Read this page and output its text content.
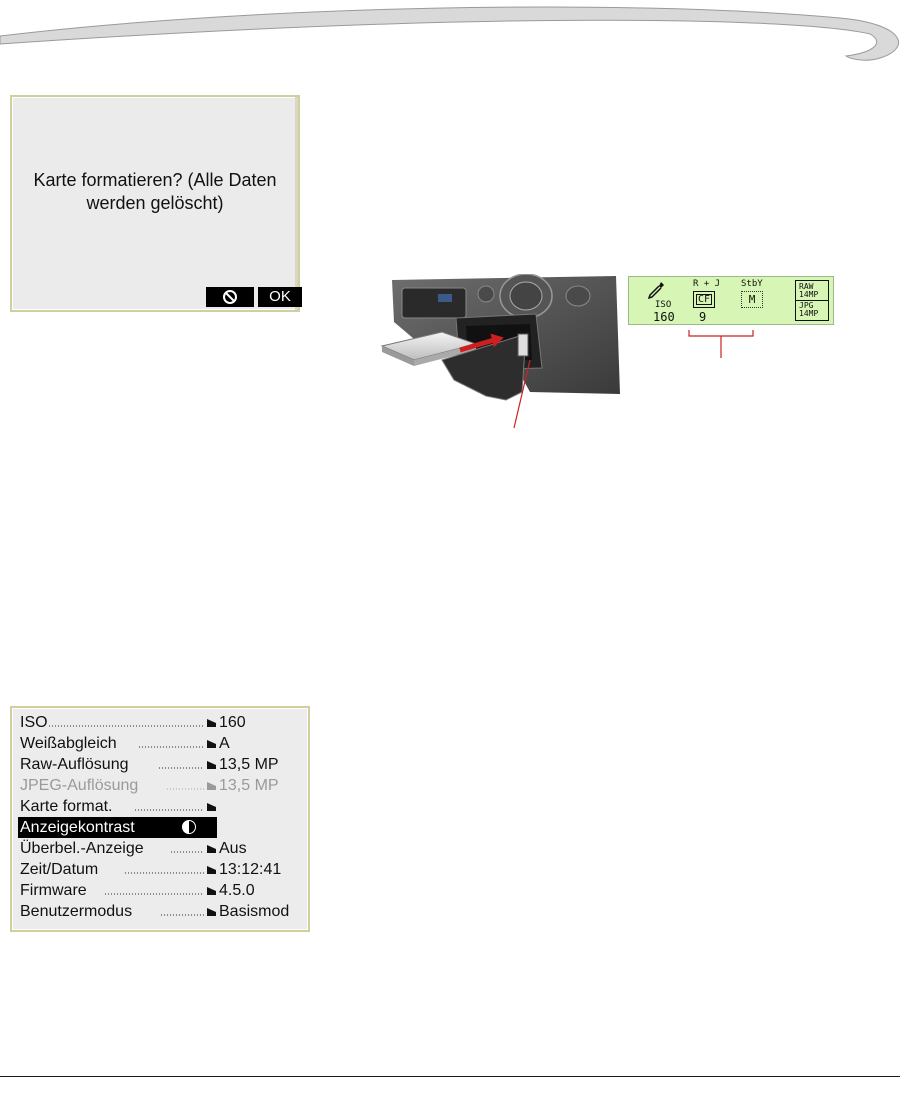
Karte formatieren? (Alle Daten
werden gelöscht)
OK	ISO
160
R + J
CF
9
StbY
M
RAW
14MP
JPG
14MP
ISO	160
Weißabgleich	A
Raw-Auflösung	13,5 MP
JPEG-Auflösung	13,5 MP
Karte format.
Anzeigekontrast
Überbel.-Anzeige	Aus
Zeit/Datum	13:12:41
Firmware	4.5.0
Benutzermodus	Basismod
